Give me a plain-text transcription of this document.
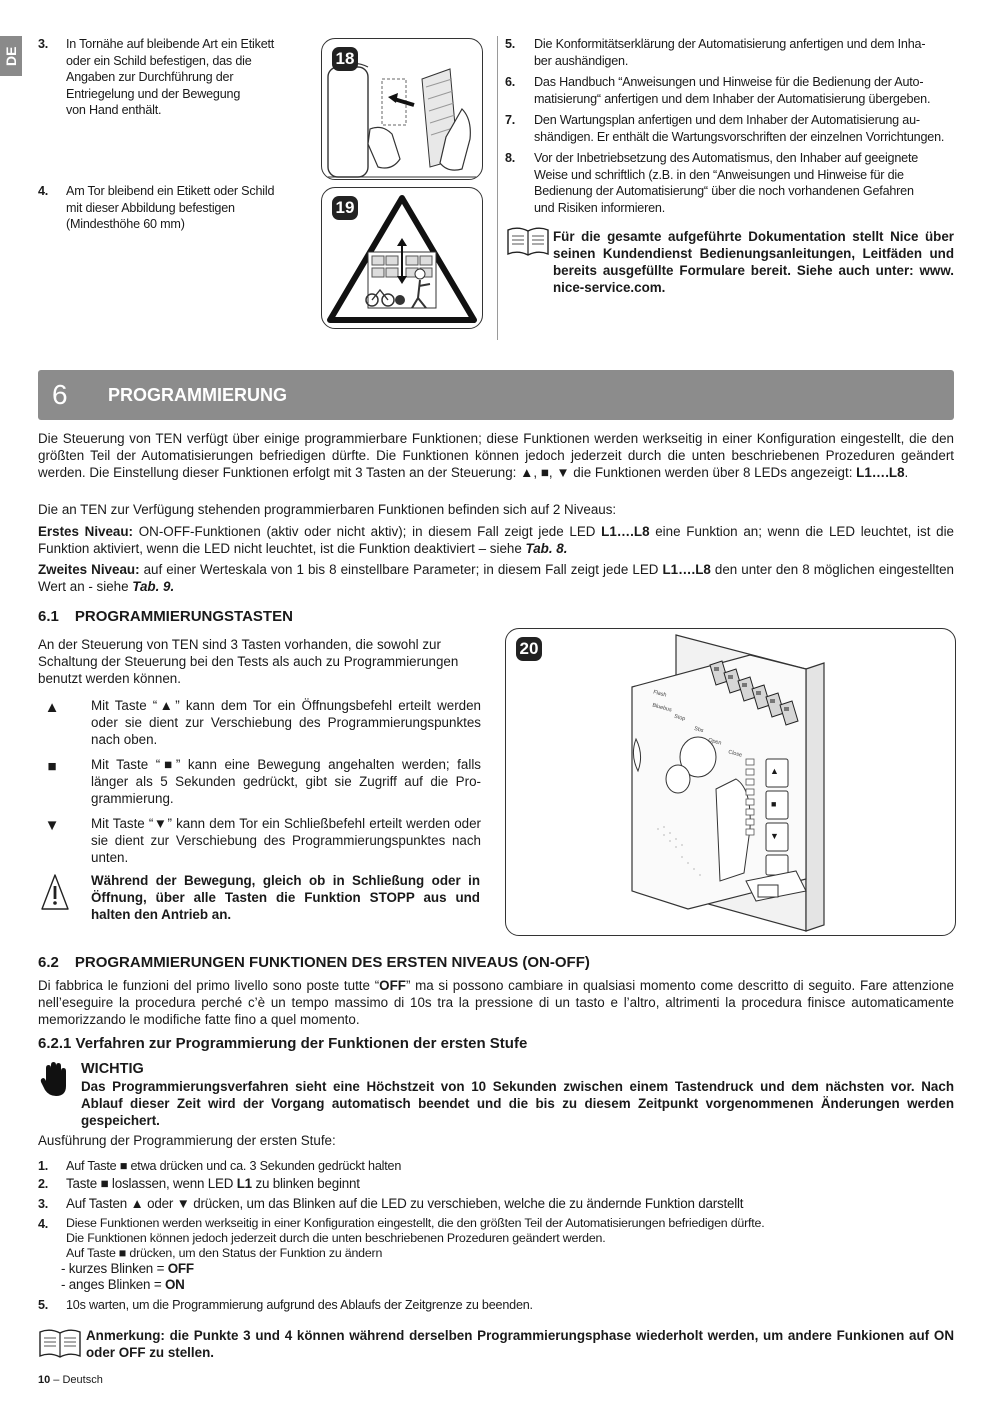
DE
3. In Tornähe auf bleibende Art ein Etikett
oder ein Schild befestigen, das die
Angaben zur Durchführung der
Entriegelung und der Bewegung
von Hand enthält.
4. Am Tor bleibend ein Etikett oder Schild
mit dieser Abbildung befestigen
(Mindesthöhe 60 mm)
18
19
5. Die Konformitätserklärung der Automatisierung anfertigen und dem Inha-
ber aushändigen.
6. Das Handbuch “Anweisungen und Hinweise für die Bedienung der Auto-
matisierung“ anfertigen und dem Inhaber der Automatisierung übergeben.
7. Den Wartungsplan anfertigen und dem Inhaber der Automatisierung au-
shändigen. Er enthält die Wartungsvorschriften der einzelnen Vorrichtungen.
8. Vor der Inbetriebsetzung des Automatismus, den Inhaber auf geeignete
Weise und schriftlich (z.B. in den “Anweisungen und Hinweise für die
Bedienung der Automatisierung“ über die noch vorhandenen Gefahren
und Risiken informieren.
Für die gesamte aufgeführte Dokumentation stellt Nice über
seinen Kundendienst Bedienungsanleitungen, Leitfäden und
bereits ausgefüllte Formulare bereit. Siehe auch unter: www.
nice-service.com.
6 PROGRAMMIERUNG

Die Steuerung von TEN verfügt über einige programmierbare Funktionen; diese Funktionen werden werkseitig in einer Konfiguration eingestellt, die den größten Teil der Automatisierungen befriedigen dürfte. Die Funktionen können jedoch jederzeit durch die unten beschriebenen Prozeduren geändert werden. Die Einstellung dieser Funktionen erfolgt mit 3 Tasten an der Steuerung: ▲, ■, ▼ die Funktionen werden über 8 LEDs angezeigt: L1….L8.

Die an TEN zur Verfügung stehenden programmierbaren Funktionen befinden sich auf 2 Niveaus:

Erstes Niveau: ON-OFF-Funktionen (aktiv oder nicht aktiv); in diesem Fall zeigt jede LED L1….L8 eine Funktion an; wenn die LED leuchtet, ist die Funktion aktiviert, wenn die LED nicht leuchtet, ist die Funktion deaktiviert – siehe Tab. 8.

Zweites Niveau: auf einer Werteskala von 1 bis 8 einstellbare Parameter; in diesem Fall zeigt jede LED L1….L8 den unter den 8 möglichen eingestellten Wert an - siehe Tab. 9.

6.1 PROGRAMMIERUNGSTASTEN

An der Steuerung von TEN sind 3 Tasten vorhanden, die sowohl zur Schaltung der Steuerung bei den Tests als auch zu Programmierungen benutzt werden können.

▲ Mit Taste “▲” kann dem Tor ein Öffnungsbefehl erteilt werden oder sie dient zur Verschiebung des Programmierungspunktes nach oben.
■	Mit Taste “■” kann eine Bewegung angehalten werden; falls länger als 5 Sekunden gedrückt, gibt sie Zugriff auf die Programmierung.
▼ Mit Taste “▼” kann dem Tor ein Schließbefehl erteilt werden oder sie dient zur Verschiebung des Programmierungspunktes nach unten.

Während der Bewegung, gleich ob in Schließung oder in Öffnung, über alle Tasten die Funktion STOPP aus und halten den Antrieb an.

20
Flash
Bluebus
Stop
Sbs
Open
Close
▲
■
▼
6.2 PROGRAMMIERUNGEN FUNKTIONEN DES ERSTEN NIVEAUS (ON-OFF)

Di fabbrica le funzioni del primo livello sono poste tutte “OFF” ma si possono cambiare in qualsiasi momento come descritto di seguito. Fare attenzione nell’eseguire la procedura perché c’è un tempo massimo di 10s tra la pressione di un tasto e l’altro, altrimenti la procedura finisce automaticamente memorizzando le modifiche fatte fino a quel momento.

6.2.1 Verfahren zur Programmierung der Funktionen der ersten Stufe
WICHTIG

Das Programmierungsverfahren sieht eine Höchstzeit von 10 Sekunden zwischen einem Tastendruck und dem nächsten vor. Nach Ablauf dieser Zeit wird der Vorgang automatisch beendet und die bis zu diesem Zeitpunkt vorgenommenen Änderungen werden gespeichert.

Ausführung der Programmierung der ersten Stufe:

1. Auf Taste ■ etwa drücken und ca. 3 Sekunden gedrückt halten
2. Taste ■ loslassen, wenn LED L1 zu blinken beginnt
3. Auf Tasten ▲ oder ▼ drücken, um das Blinken auf die LED zu verschieben, welche die zu ändernde Funktion darstellt
4. Diese Funktionen werden werkseitig in einer Konfiguration eingestellt, die den größten Teil der Automatisierungen befriedigen dürfte.
Die Funktionen können jedoch jederzeit durch die unten beschriebenen Prozeduren geändert werden.
Auf Taste ■ drücken, um den Status der Funktion zu ändern
- kurzes Blinken = OFF
- anges Blinken = ON
5. 10s warten, um die Programmierung aufgrund des Ablaufs der Zeitgrenze zu beenden.

Anmerkung: die Punkte 3 und 4 können während derselben Programmierungsphase wiederholt werden, um andere Funkionen auf ON oder OFF zu stellen.

10 – Deutsch
